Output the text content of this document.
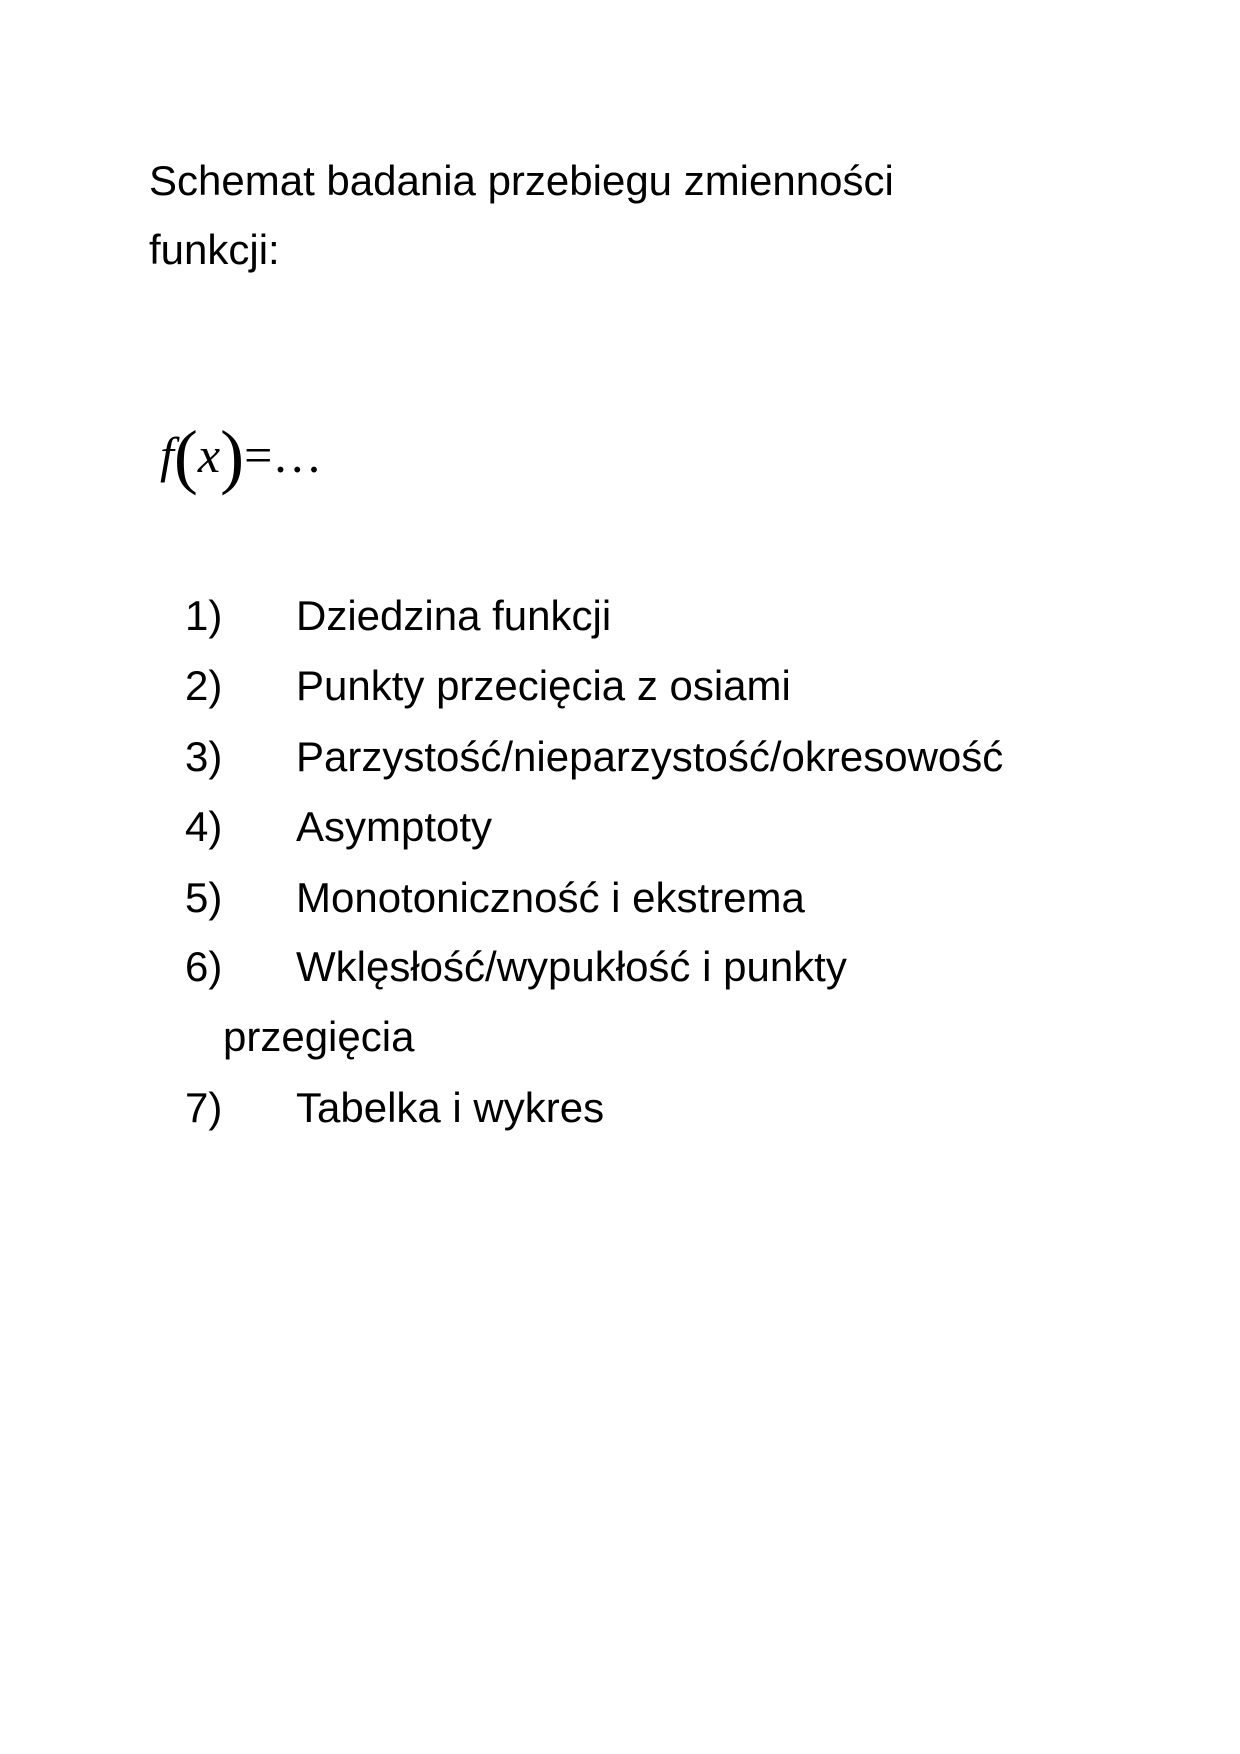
Schemat badania przebiegu zmienności
funkcji:
f(x)=…
1) Dziedzina funkcji
2) Punkty przecięcia z osiami
3) Parzystość/nieparzystość/okresowość
4) Asymptoty
5) Monotoniczność i ekstrema
6) Wklęsłość/wypukłość i punkty
przegięcia
7) Tabelka i wykres
